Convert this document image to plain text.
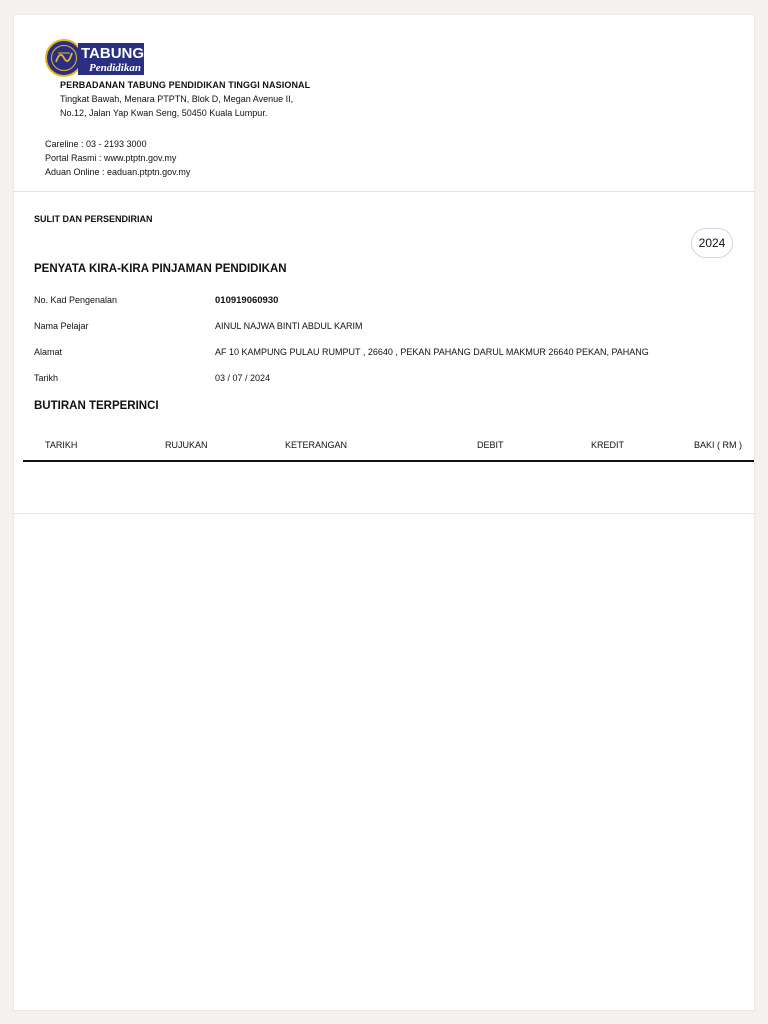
TABUNG
Pendidikan
PERBADANAN TABUNG PENDIDIKAN TINGGI NASIONAL
Tingkat Bawah, Menara PTPTN, Blok D, Megan Avenue II,
No.12, Jalan Yap Kwan Seng, 50450 Kuala Lumpur.
Careline : 03 - 2193 3000
Portal Rasmi : www.ptptn.gov.my
Aduan Online : eaduan.ptptn.gov.my
SULIT DAN PERSENDIRIAN
2024
PENYATA KIRA-KIRA PINJAMAN PENDIDIKAN
No. Kad Pengenalan	010919060930
Nama Pelajar	AINUL NAJWA BINTI ABDUL KARIM
Alamat	AF 10 KAMPUNG PULAU RUMPUT , 26640 , PEKAN PAHANG DARUL MAKMUR 26640 PEKAN, PAHANG
Tarikh	03 / 07 / 2024
BUTIRAN TERPERINCI
TARIKH	RUJUKAN	KETERANGAN	DEBIT	KREDIT	BAKI ( RM )
